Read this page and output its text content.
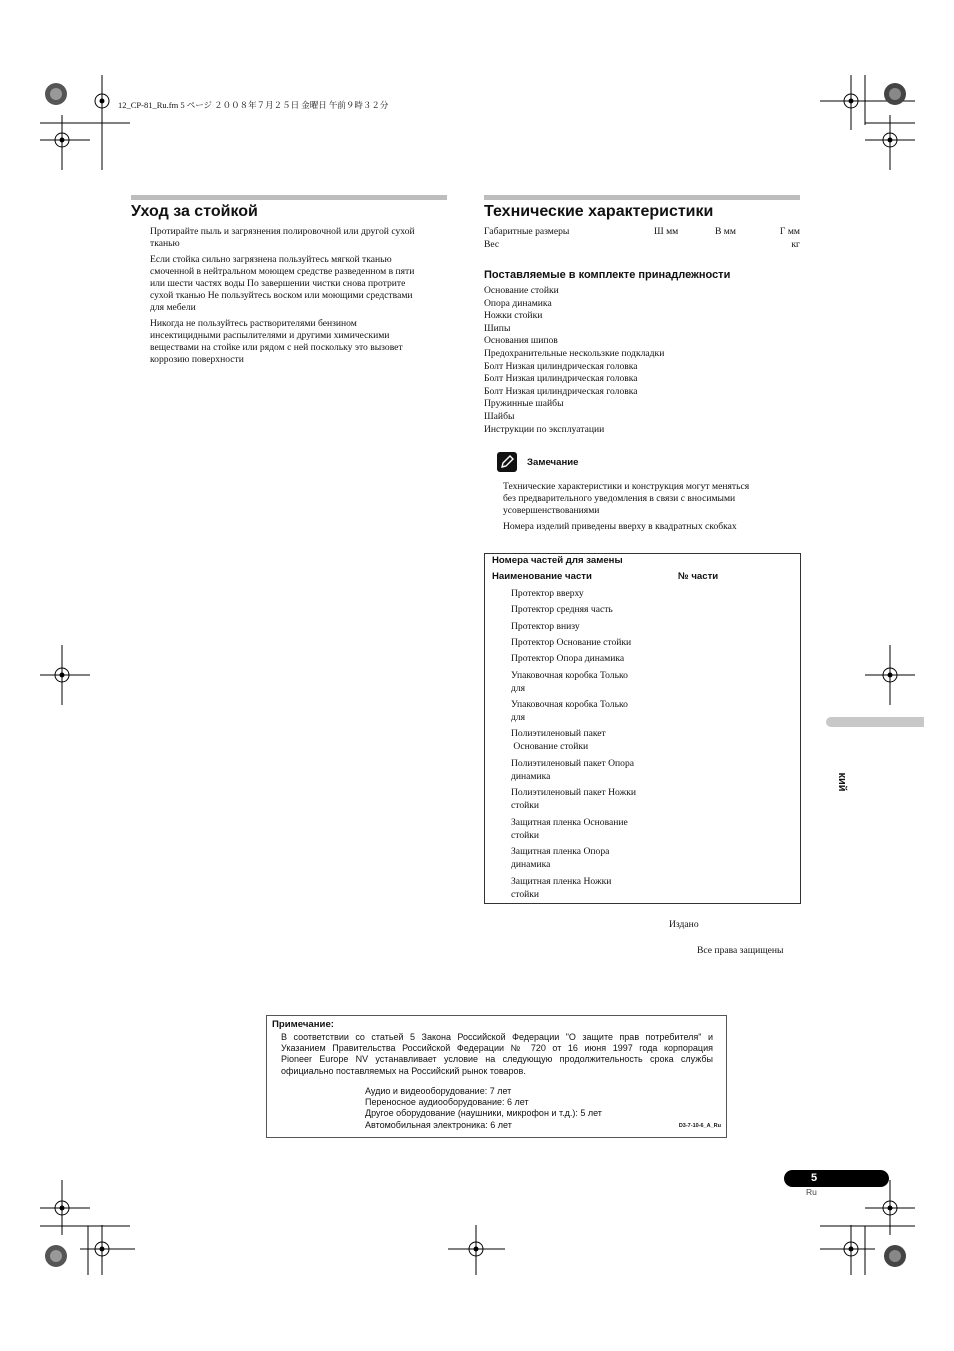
12_CP-81_Ru.fm 5 ページ ２００８年７月２５日 金曜日 午前９時３２分
Уход за стойкой
Протирайте пыль и загрязнения полировочной или другой сухой
тканью
Если стойка сильно загрязнена пользуйтесь мягкой тканью
смоченной в нейтральном моющем средстве разведенном в пяти
или шести частях воды По завершении чистки снова протрите
сухой тканью Не пользуйтесь воском или моющими средствами
для мебели
Никогда не пользуйтесь растворителями бензином
инсектицидными распылителями и другими химическими
веществами на стойке или рядом с ней поскольку это вызовет
коррозию поверхности
Технические характеристики
Габаритные размеры	Ш мм	В мм	Г мм
Вес	кг
Поставляемые в комплекте принадлежности
Основание стойки
Опора динамика
Ножки стойки
Шипы
Основания шипов
Предохранительные нескользкие подкладки
Болт Низкая цилиндрическая головка
Болт Низкая цилиндрическая головка
Болт Низкая цилиндрическая головка
Пружинные шайбы
Шайбы
Инструкции по эксплуатации
Замечание
Технические характеристики и конструкция могут меняться
без предварительного уведомления в связи с вносимыми
усовершенствованиями
Номера изделий приведены вверху в квадратных скобках
Номера частей для замены
Наименование части	№ части
Протектор вверху
Протектор средняя часть
Протектор внизу
Протектор Основание стойки
Протектор Опора динамика
Упаковочная коробка Только
для
Упаковочная коробка Только
для
Полиэтиленовый пакет
Основание стойки
Полиэтиленовый пакет Опора
динамика
Полиэтиленовый пакет Ножки
стойки
Защитная пленка Основание
стойки
Защитная пленка Опора
динамика
Защитная пленка Ножки
стойки
Издано
Все права защищены
кий
Примечание:
В соответствии со статьей 5 Закона Российской Федерации "О защите прав потребителя" и
Указанием Правительства Российской Федерации № 720 от 16 июня 1997 года корпорация
Pioneer Europe NV устанавливает условие на следующую продолжительность срока службы
официально поставляемых на Российский рынок товаров.
Аудио и видеооборудование: 7 лет
Переносное аудиооборудование: 6 лет
Другое оборудование (наушники, микрофон и т.д.): 5 лет
Автомобильная электроника: 6 лет	D3-7-10-6_A_Ru
5
Ru
